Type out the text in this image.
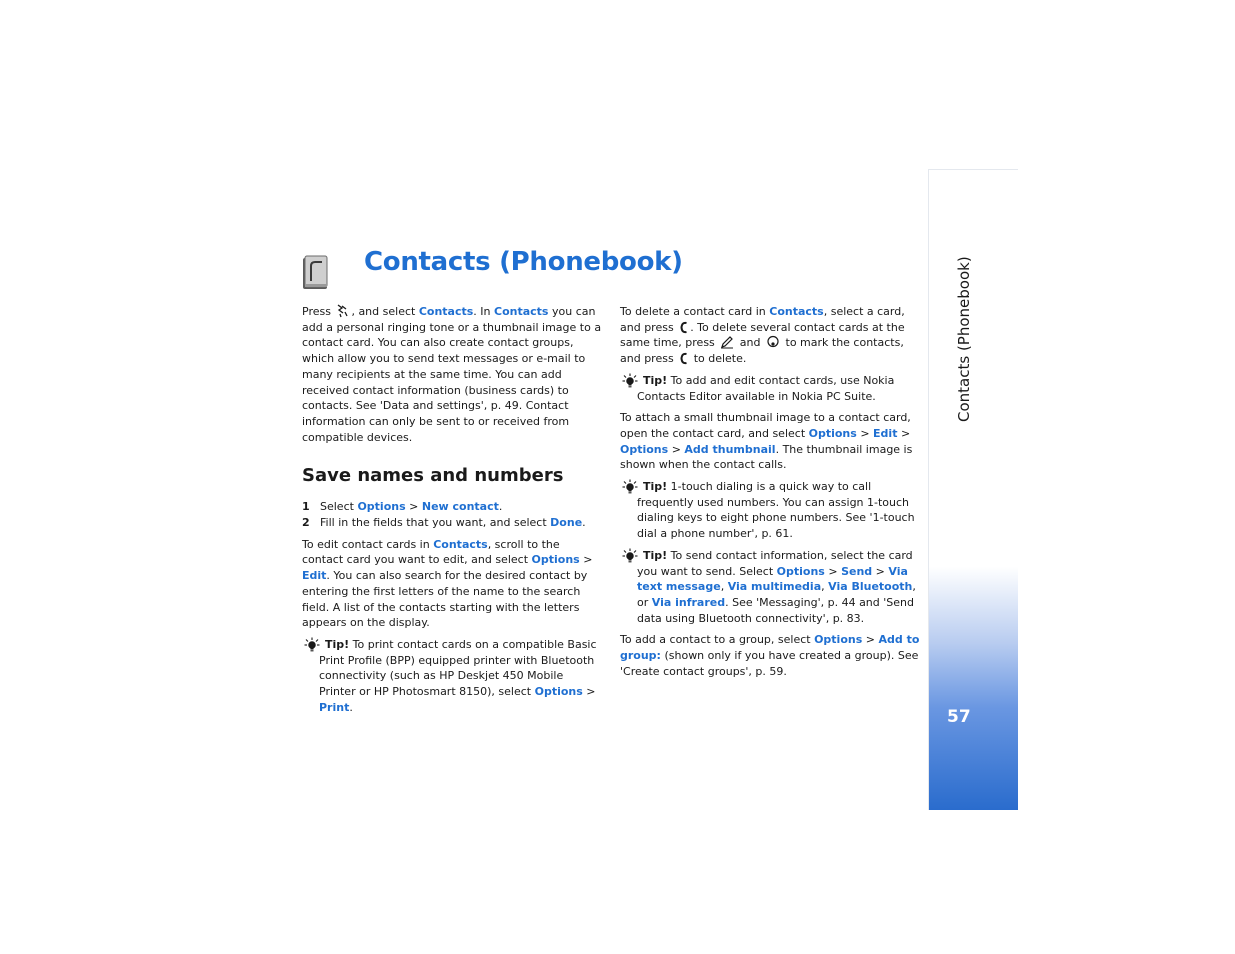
Contacts (Phonebook)

Press , and select Contacts. In Contacts you can add a personal ringing tone or a thumbnail image to a contact card. You can also create contact groups, which allow you to send text messages or e-mail to many recipients at the same time. You can add received contact information (business cards) to contacts. See 'Data and settings', p. 49. Contact information can only be sent to or received from compatible devices.

Save names and numbers
1 Select Options > New contact.
2 Fill in the fields that you want, and select Done.

To edit contact cards in Contacts, scroll to the contact card you want to edit, and select Options > Edit. You can also search for the desired contact by entering the first letters of the name to the search field. A list of the contacts starting with the letters appears on the display.

Tip! To print contact cards on a compatible Basic Print Profile (BPP) equipped printer with Bluetooth connectivity (such as HP Deskjet 450 Mobile Printer or HP Photosmart 8150), select Options > Print.

To delete a contact card in Contacts, select a card, and press . To delete several contact cards at the same time, press and to mark the contacts, and press to delete.

Tip! To add and edit contact cards, use Nokia Contacts Editor available in Nokia PC Suite.

To attach a small thumbnail image to a contact card, open the contact card, and select Options > Edit > Options > Add thumbnail. The thumbnail image is shown when the contact calls.

Tip! 1-touch dialing is a quick way to call frequently used numbers. You can assign 1-touch dialing keys to eight phone numbers. See '1-touch dial a phone number', p. 61.
Tip! To send contact information, select the card you want to send. Select Options > Send > Via text message, Via multimedia, Via Bluetooth, or Via infrared. See 'Messaging', p. 44 and 'Send data using Bluetooth connectivity', p. 83.

To add a contact to a group, select Options > Add to group: (shown only if you have created a group). See 'Create contact groups', p. 59.

Contacts (Phonebook)
57
